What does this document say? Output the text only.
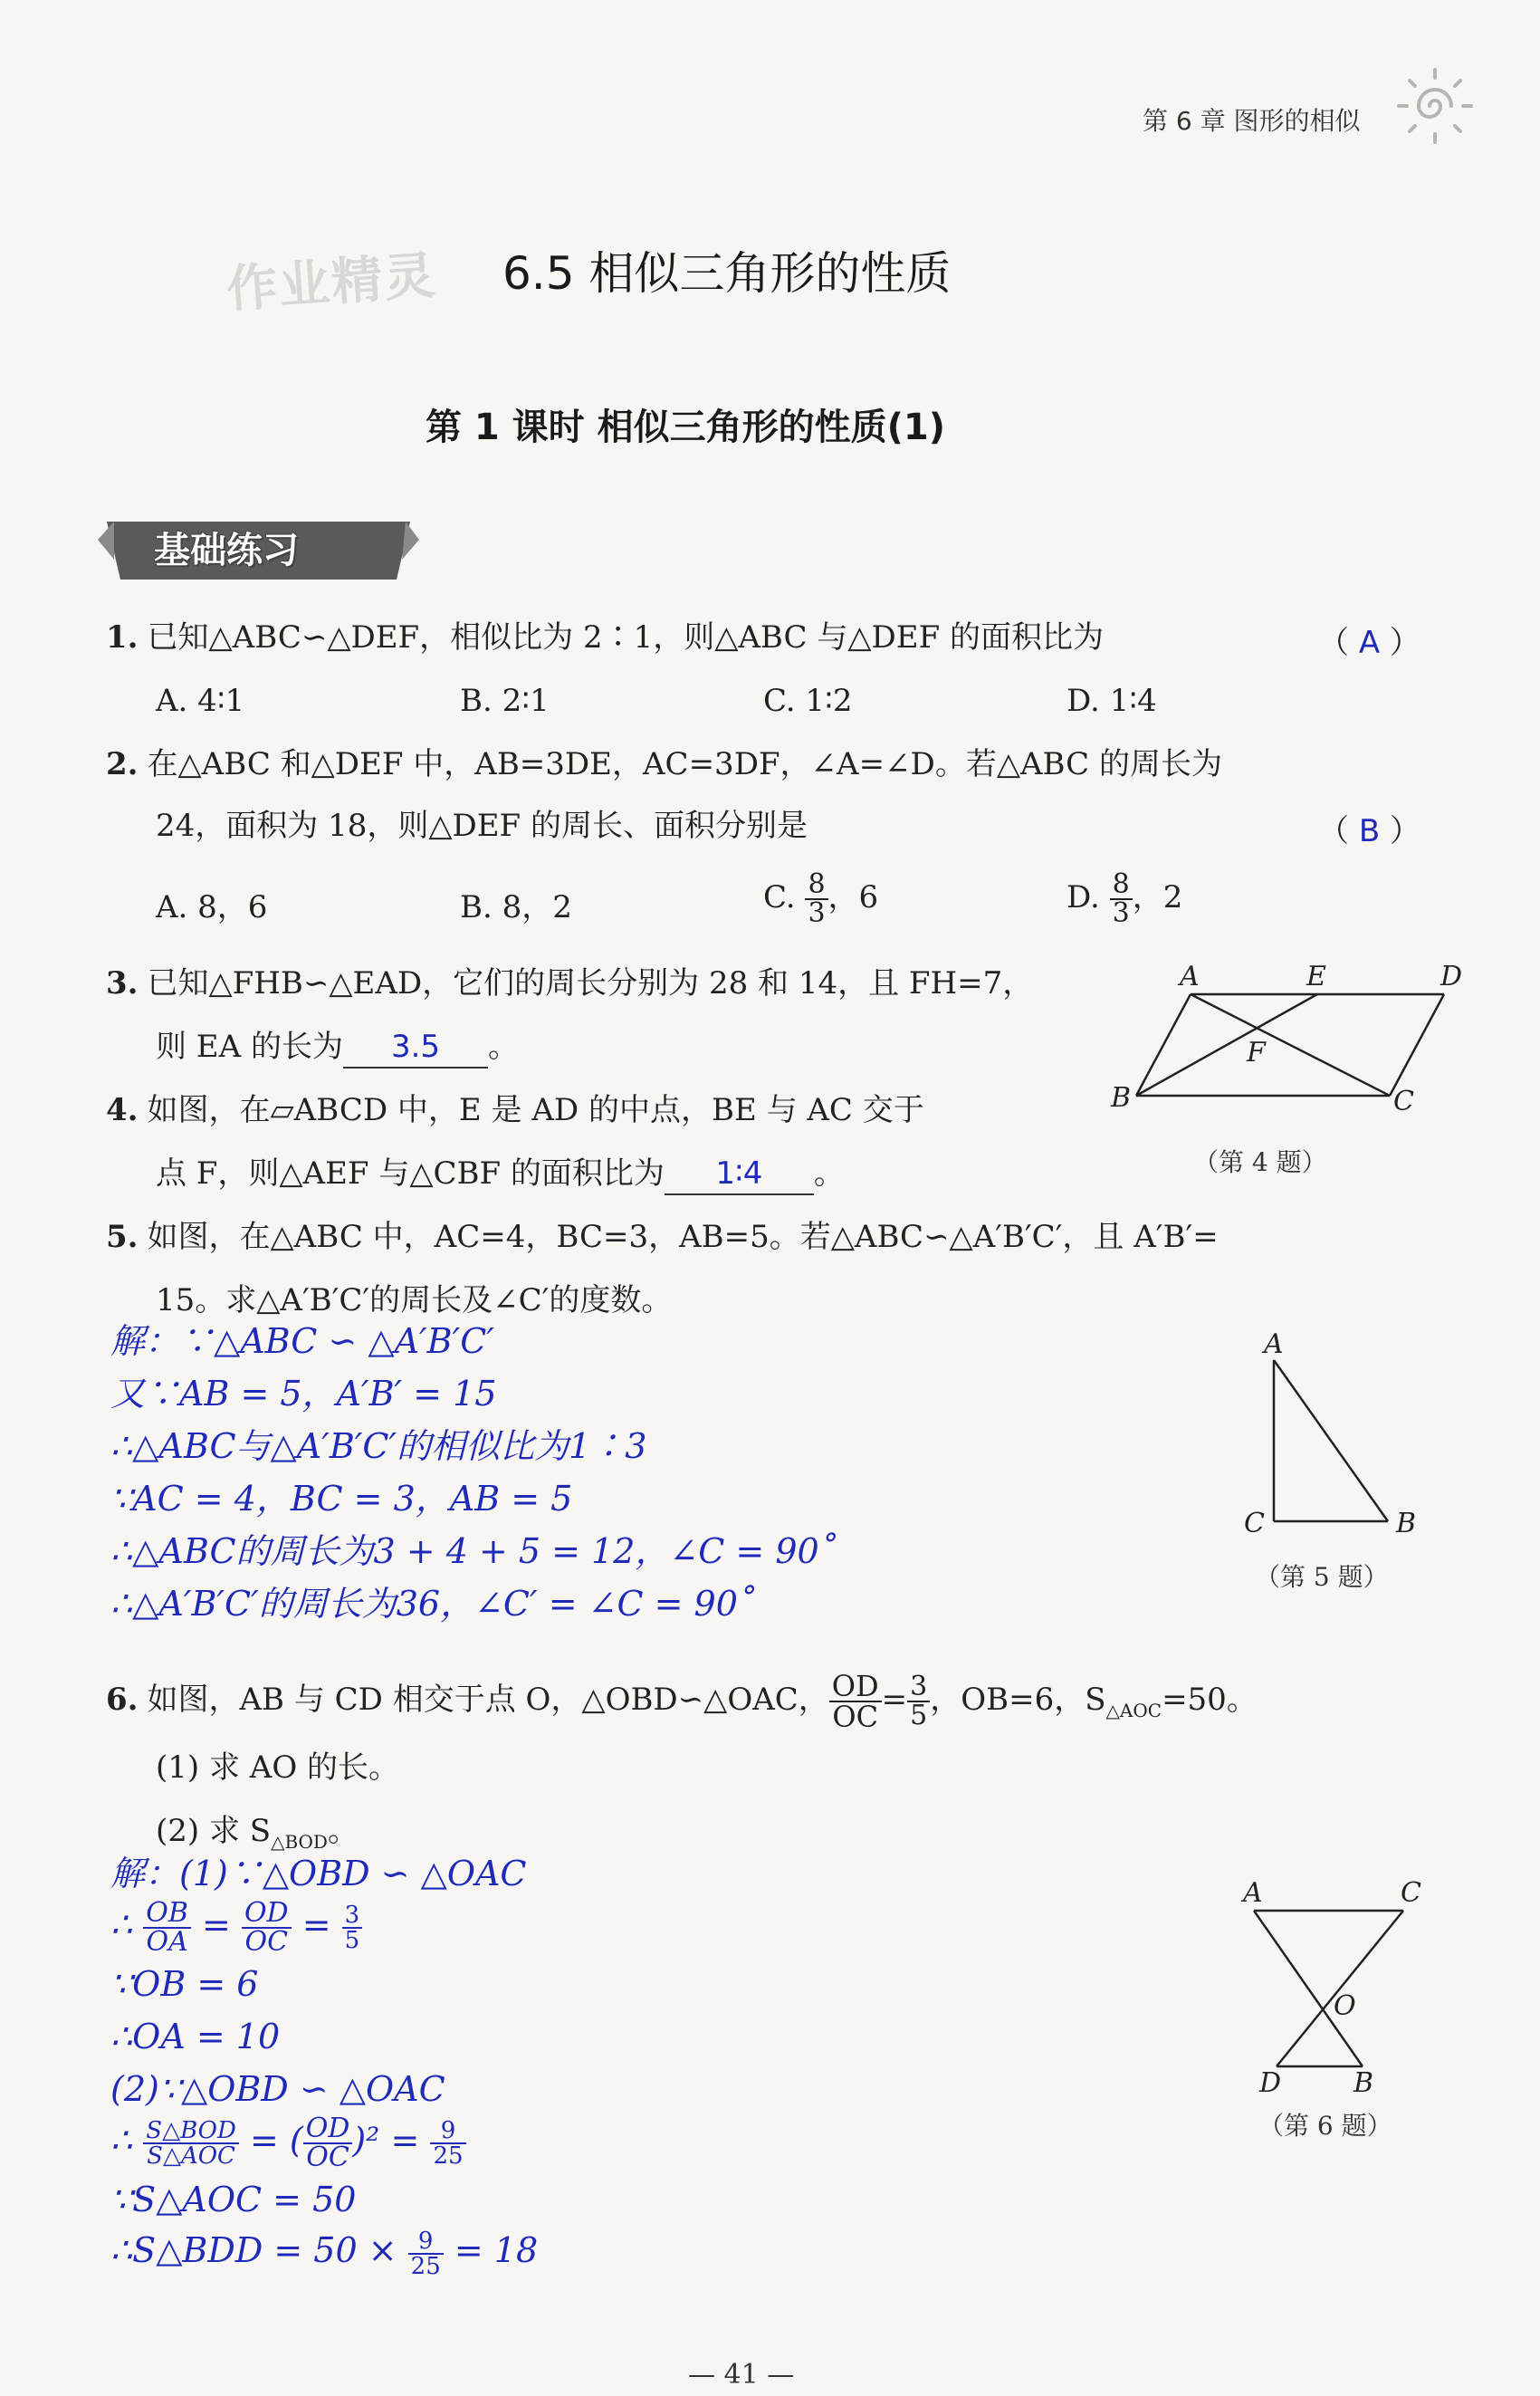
第 6 章 图形的相似
作业精灵 6.5 相似三角形的性质
第 1 课时 相似三角形的性质(1)
基础练习
1. 已知△ABC∽△DEF，相似比为 2∶1，则△ABC 与△DEF 的面积比为	（ A ）
A. 4∶1	B. 2∶1	C. 1∶2	D. 1∶4
2. 在△ABC 和△DEF 中，AB=3DE，AC=3DF，∠A=∠D。若△ABC 的周长为
24，面积为 18，则△DEF 的周长、面积分别是	（ B ）
A. 8，6	B. 8，2	C. $\frac{8}{3}$ ，6	D. $\frac{8}{3}$ ，2
3. 已知△FHB∽△EAD，它们的周长分别为 28 和 14，且 FH=7，
则 EA 的长为 3.5 。
4. 如图，在▱ABCD 中，E 是 AD 的中点，BE 与 AC 交于
点 F，则△AEF 与△CBF 的面积比为 1∶4 。
A	E	D
F
B	C
（第 4 题）
5. 如图，在△ABC 中，AC=4，BC=3，AB=5。若△ABC∽△A′B′C′，且 A′B′=
15。求△A′B′C′的周长及∠C′的度数。
解：∵△ABC ∽ △A′B′C′
又∵AB = 5，A′B′ = 15
∴△ABC与△A′B′C′的相似比为1∶3
∵AC = 4，BC = 3，AB = 5
∴△ABC的周长为3 + 4 + 5 = 12，∠C = 90˚
∴△A′B′C′的周长为36，∠C′ = ∠C = 90˚
A
C	B
（第 5 题）
6. 如图，AB 与 CD 相交于点 O，△OBD∽△OAC， $\frac{OD}{OC} = \frac{3}{5}$ ，OB=6，$S_{\triangle AOC}=50$。
(1) 求 AO 的长。
(2) 求 $S_{\triangle BOD}$。
解：(1)∵△OBD ∽ △OAC
∴ $\frac{OB}{OA} = \frac{OD}{OC} = \frac{3}{5}$
∵OB = 6
∴OA = 10
(2)∵△OBD ∽ △OAC
∴ $\frac{\text{S△BOD}}{\text{S△AOC}}$ = ( $\frac{OD}{OC} )^2 = \frac{9}{25}$
∵S△AOC = 50
∴S△BDD = $50 \times \frac{9}{25} = 18$
A	C
O
D	B
（第 6 题）
— 41 —
